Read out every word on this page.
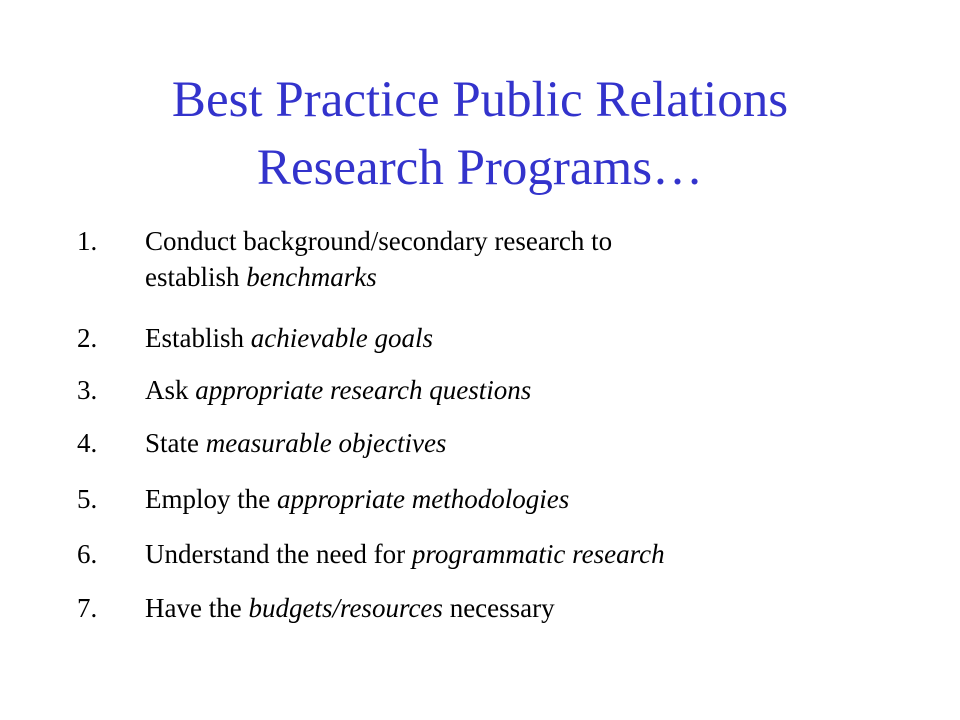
Best Practice Public Relations
Research Programs…
1. Conduct background/secondary research to
establish benchmarks
2. Establish achievable goals
3. Ask appropriate research questions
4. State measurable objectives
5. Employ the appropriate methodologies
6. Understand the need for programmatic research
7. Have the budgets/resources necessary
